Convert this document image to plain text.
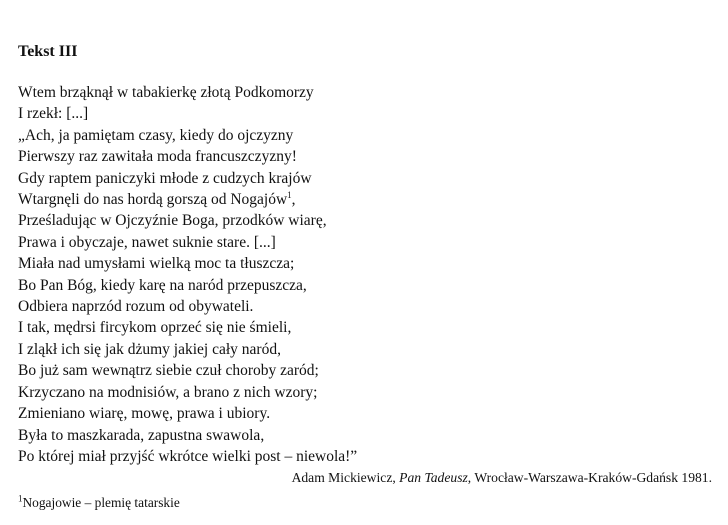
Tekst III
Wtem brząknął w tabakierkę złotą Podkomorzy
I rzekł: [...]
„Ach, ja pamiętam czasy, kiedy do ojczyzny
Pierwszy raz zawitała moda francuszczyzny!
Gdy raptem paniczyki młode z cudzych krajów
Wtargnęli do nas hordą gorszą od Nogajów$^1$,
Prześladując w Ojczyźnie Boga, przodków wiarę,
Prawa i obyczaje, nawet suknie stare. [...]
Miała nad umysłami wielką moc ta tłuszcza;
Bo Pan Bóg, kiedy karę na naród przepuszcza,
Odbiera naprzód rozum od obywateli.
I tak, mędrsi fircykom oprzeć się nie śmieli,
I zląkł ich się jak dżumy jakiej cały naród,
Bo już sam wewnątrz siebie czuł choroby zaród;
Krzyczano na modnisiów, a brano z nich wzory;
Zmieniano wiarę, mowę, prawa i ubiory.
Była to maszkarada, zapustna swawola,
Po której miał przyjść wkrótce wielki post – niewola!”
Adam Mickiewicz, Pan Tadeusz, Wrocław-Warszawa-Kraków-Gdańsk 1981.
$^1$Nogajowie – plemię tatarskie
